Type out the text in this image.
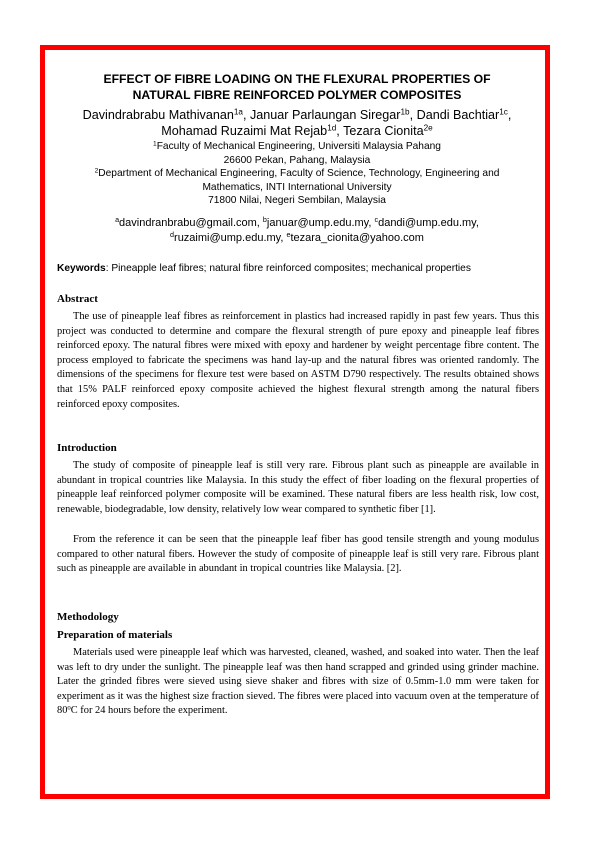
EFFECT OF FIBRE LOADING ON THE FLEXURAL PROPERTIES OF
NATURAL FIBRE REINFORCED POLYMER COMPOSITES
Davindrabrabu Mathivanan$^{1a}$, Januar Parlaungan Siregar$^{1b}$, Dandi Bachtiar$^{1c}$,
Mohamad Ruzaimi Mat Rejab$^{1d}$, Tezara Cionita$^{2e}$
$^1$Faculty of Mechanical Engineering, Universiti Malaysia Pahang
26600 Pekan, Pahang, Malaysia
$^2$Department of Mechanical Engineering, Faculty of Science, Technology, Engineering and
Mathematics, INTI International University
71800 Nilai, Negeri Sembilan, Malaysia
$^a$davindranbrabu@gmail.com, $^b$januar@ump.edu.my, $^c$dandi@ump.edu.my,
$^d$ruzaimi@ump.edu.my, $^e$tezara_cionita@yahoo.com
Keywords: Pineapple leaf fibres; natural fibre reinforced composites; mechanical properties
Abstract

The use of pineapple leaf fibres as reinforcement in plastics had increased rapidly in past few years. Thus this project was conducted to determine and compare the flexural strength of pure epoxy and pineapple leaf fibres reinforced epoxy. The natural fibres were mixed with epoxy and hardener by weight percentage fibre content. The process employed to fabricate the specimens was hand lay-up and the natural fibres was oriented randomly. The dimensions of the specimens for flexure test were based on ASTM D790 respectively. The results obtained shows that 15% PALF reinforced epoxy composite achieved the highest flexural strength among the natural fibers reinforced epoxy composites.

Introduction

The study of composite of pineapple leaf is still very rare. Fibrous plant such as pineapple are available in abundant in tropical countries like Malaysia. In this study the effect of fiber loading on the flexural properties of pineapple leaf reinforced polymer composite will be examined. These natural fibers are less health risk, low cost, renewable, biodegradable, low density, relatively low wear compared to synthetic fiber [1].

From the reference it can be seen that the pineapple leaf fiber has good tensile strength and young modulus compared to other natural fibers. However the study of composite of pineapple leaf is still very rare. Fibrous plant such as pineapple are available in abundant in tropical countries like Malaysia. [2].

Methodology
Preparation of materials

Materials used were pineapple leaf which was harvested, cleaned, washed, and soaked into water. Then the leaf was left to dry under the sunlight. The pineapple leaf was then hand scrapped and grinded using grinder machine. Later the grinded fibres were sieved using sieve shaker and fibres with size of 0.5mm-1.0 mm were taken for experiment as it was the highest size fraction sieved. The fibres were placed into vacuum oven at the temperature of 80$^o$C for 24 hours before the experiment.
